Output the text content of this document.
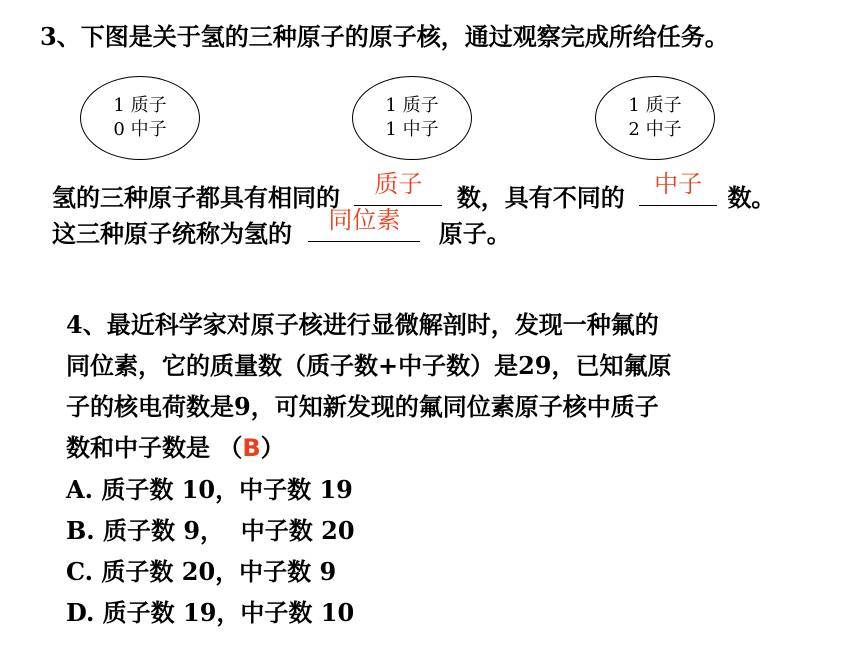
3、下图是关于氢的三种原子的原子核，通过观察完成所给任务。
1 质子
0 中子
1 质子
1 中子
1 质子
2 中子
氢的三种原子都具有相同的	质子	数，具有不同的	中子	数。
这三种原子统称为氢的	同位素	原子。

4、最近科学家对原子核进行显微解剖时，发现一种氟的

同位素，它的质量数（质子数+中子数）是29，已知氟原

子的核电荷数是9，可知新发现的氟同位素原子核中质子

数和中子数是 （B）

A. 质子数 10，中子数 19

B. 质子数 9，  中子数 20

C. 质子数 20，中子数 9

D. 质子数 19，中子数 10
